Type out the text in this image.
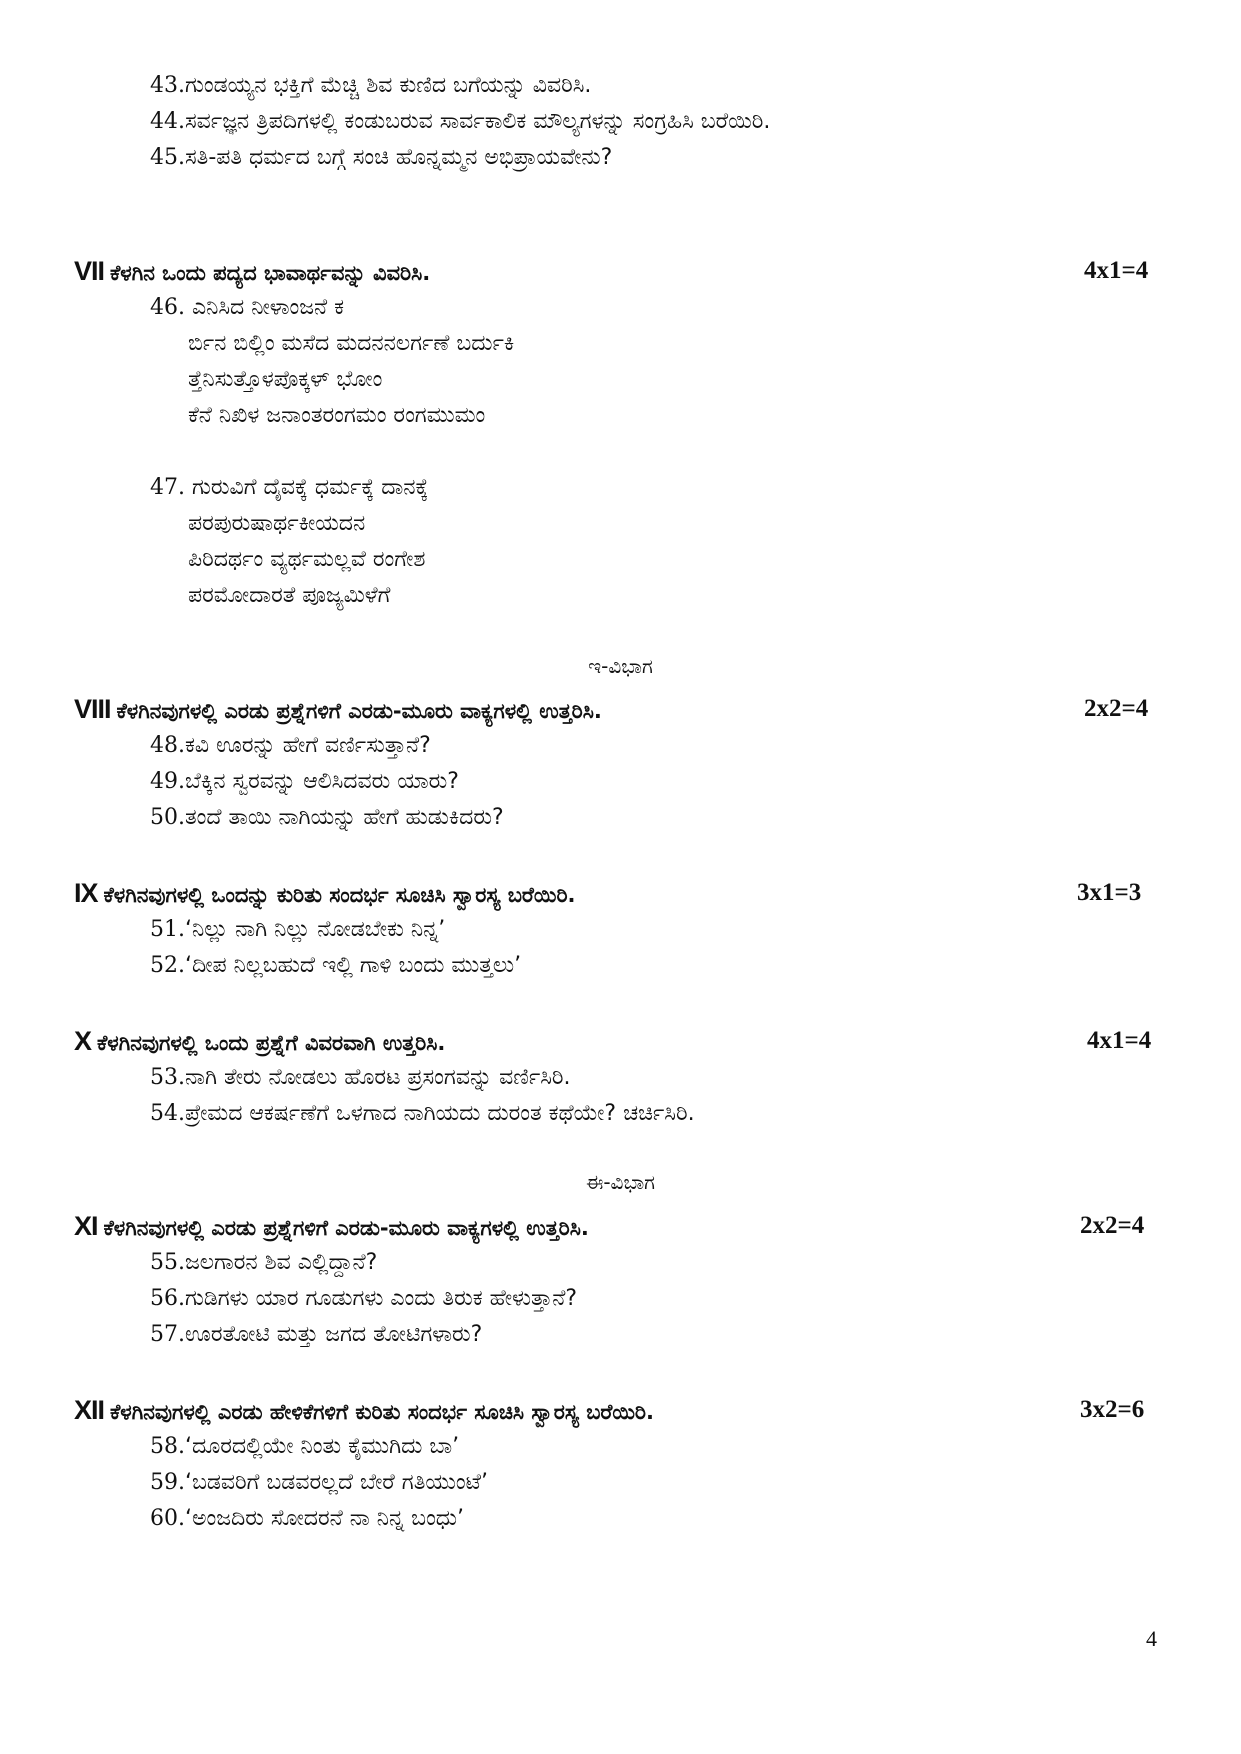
43.ಗುಂಡಯ್ಯನ ಭಕ್ತಿಗೆ ಮೆಚ್ಚಿ ಶಿವ ಕುಣಿದ ಬಗೆಯನ್ನು ವಿವರಿಸಿ.
44.ಸರ್ವಜ್ಞನ ತ್ರಿಪದಿಗಳಲ್ಲಿ ಕಂಡುಬರುವ ಸಾರ್ವಕಾಲಿಕ ಮೌಲ್ಯಗಳನ್ನು ಸಂಗ್ರಹಿಸಿ ಬರೆಯಿರಿ.
45.ಸತಿ-ಪತಿ ಧರ್ಮದ ಬಗ್ಗೆ ಸಂಚಿ ಹೊನ್ನಮ್ಮನ ಅಭಿಪ್ರಾಯವೇನು?
VII ಕೆಳಗಿನ ಒಂದು ಪದ್ಯದ ಭಾವಾರ್ಥವನ್ನು ವಿವರಿಸಿ.	4x1=4
46. ಎನಿಸಿದ ನೀಳಾಂಜನೆ ಕ
ರ್ಬಿನ ಬಿಲ್ಲಿಂ ಮಸೆದ ಮದನನಲರ್ಗಣೆ ಬರ್ದುಕಿ
ತ್ತೆನಿಸುತ್ತೊಳಪೊಕ್ಕಳ್ ಭೋಂ
ಕೆನೆ ನಿಖಿಳ ಜನಾಂತರಂಗಮಂ ರಂಗಮುಮಂ
47. ಗುರುವಿಗೆ ದೈವಕ್ಕೆ ಧರ್ಮಕ್ಕೆ ದಾನಕ್ಕೆ
ಪರಪುರುಷಾರ್ಥಕೀಯದನ
ಪಿರಿದರ್ಥಂ ವ್ಯರ್ಥಮಲ್ಲವೆ ರಂಗೇಶ
ಪರಮೋದಾರತೆ ಪೂಜ್ಯಮಿಳೆಗೆ
ಇ-ವಿಭಾಗ
VIII ಕೆಳಗಿನವುಗಳಲ್ಲಿ ಎರಡು ಪ್ರಶ್ನೆಗಳಿಗೆ ಎರಡು-ಮೂರು ವಾಕ್ಯಗಳಲ್ಲಿ ಉತ್ತರಿಸಿ.	2x2=4
48.ಕವಿ ಊರನ್ನು ಹೇಗೆ ವರ್ಣಿಸುತ್ತಾನೆ?
49.ಬೆಕ್ಕಿನ ಸ್ವರವನ್ನು ಆಲಿಸಿದವರು ಯಾರು?
50.ತಂದೆ ತಾಯಿ ನಾಗಿಯನ್ನು ಹೇಗೆ ಹುಡುಕಿದರು?
IX ಕೆಳಗಿನವುಗಳಲ್ಲಿ ಒಂದನ್ನು ಕುರಿತು ಸಂದರ್ಭ ಸೂಚಿಸಿ ಸ್ವಾರಸ್ಯ ಬರೆಯಿರಿ.	3x1=3
51.‘ನಿಲ್ಲು ನಾಗಿ ನಿಲ್ಲು ನೋಡಬೇಕು ನಿನ್ನ’
52.‘ದೀಪ ನಿಲ್ಲಬಹುದೆ ಇಲ್ಲಿ ಗಾಳಿ ಬಂದು ಮುತ್ತಲು’
X ಕೆಳಗಿನವುಗಳಲ್ಲಿ ಒಂದು ಪ್ರಶ್ನೆಗೆ ವಿವರವಾಗಿ ಉತ್ತರಿಸಿ.	4x1=4
53.ನಾಗಿ ತೇರು ನೋಡಲು ಹೊರಟ ಪ್ರಸಂಗವನ್ನು ವರ್ಣಿಸಿರಿ.
54.ಪ್ರೇಮದ ಆಕರ್ಷಣೆಗೆ ಒಳಗಾದ ನಾಗಿಯದು ದುರಂತ ಕಥೆಯೇ? ಚರ್ಚಿಸಿರಿ.
ಈ-ವಿಭಾಗ
XI ಕೆಳಗಿನವುಗಳಲ್ಲಿ ಎರಡು ಪ್ರಶ್ನೆಗಳಿಗೆ ಎರಡು-ಮೂರು ವಾಕ್ಯಗಳಲ್ಲಿ ಉತ್ತರಿಸಿ.	2x2=4
55.ಜಲಗಾರನ ಶಿವ ಎಲ್ಲಿದ್ದಾನೆ?
56.ಗುಡಿಗಳು ಯಾರ ಗೂಡುಗಳು ಎಂದು ತಿರುಕ ಹೇಳುತ್ತಾನೆ?
57.ಊರತೋಟಿ ಮತ್ತು ಜಗದ ತೋಟಿಗಳಾರು?
XII ಕೆಳಗಿನವುಗಳಲ್ಲಿ ಎರಡು ಹೇಳಿಕೆಗಳಿಗೆ ಕುರಿತು ಸಂದರ್ಭ ಸೂಚಿಸಿ ಸ್ವಾರಸ್ಯ ಬರೆಯಿರಿ.	3x2=6
58.‘ದೂರದಲ್ಲಿಯೇ ನಿಂತು ಕೈಮುಗಿದು ಬಾ’
59.‘ಬಡವರಿಗೆ ಬಡವರಲ್ಲದೆ ಬೇರೆ ಗತಿಯುಂಟೆ’
60.‘ಅಂಜದಿರು ಸೋದರನೆ ನಾ ನಿನ್ನ ಬಂಧು’
4
